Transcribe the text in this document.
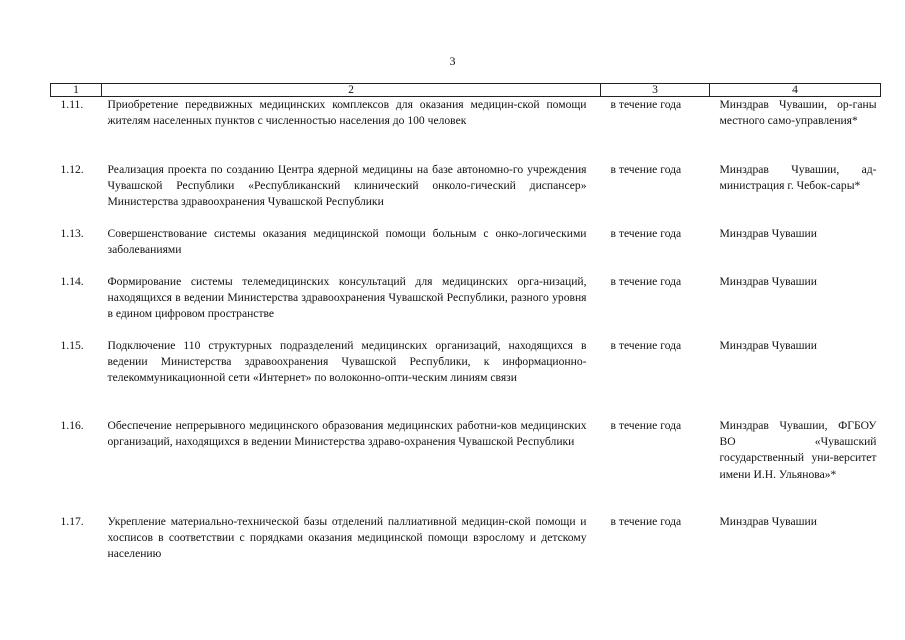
3
1	2	3	4
1.11.	Приобретение передвижных медицинских комплексов для оказания медицин-ской помощи жителям населенных пунктов с численностью населения до 100 человек	в течение года	Минздрав Чувашии, ор-ганы местного само-управления*
1.12.	Реализация проекта по созданию Центра ядерной медицины на базе автономно-го учреждения Чувашской Республики «Республиканский клинический онколо-гический диспансер» Министерства здравоохранения Чувашской Республики	в течение года	Минздрав Чувашии, ад-министрация г. Чебок-сары*
1.13.	Совершенствование системы оказания медицинской помощи больным с онко-логическими заболеваниями	в течение года	Минздрав Чувашии
1.14.	Формирование системы телемедицинских консультаций для медицинских орга-низаций, находящихся в ведении Министерства здравоохранения Чувашской Республики, разного уровня в едином цифровом пространстве	в течение года	Минздрав Чувашии
1.15.	Подключение 110 структурных подразделений медицинских организаций, находящихся в ведении Министерства здравоохранения Чувашской Республики, к информационно-телекоммуникационной сети «Интернет» по волоконно-опти-ческим линиям связи	в течение года	Минздрав Чувашии
1.16.	Обеспечение непрерывного медицинского образования медицинских работни-ков медицинских организаций, находящихся в ведении Министерства здраво-охранения Чувашской Республики	в течение года	Минздрав Чувашии, ФГБОУ ВО «Чувашский государственный уни-верситет имени И.Н. Ульянова»*
1.17.	Укрепление материально-технической базы отделений паллиативной медицин-ской помощи и хосписов в соответствии с порядками оказания медицинской помощи взрослому и детскому населению	в течение года	Минздрав Чувашии
